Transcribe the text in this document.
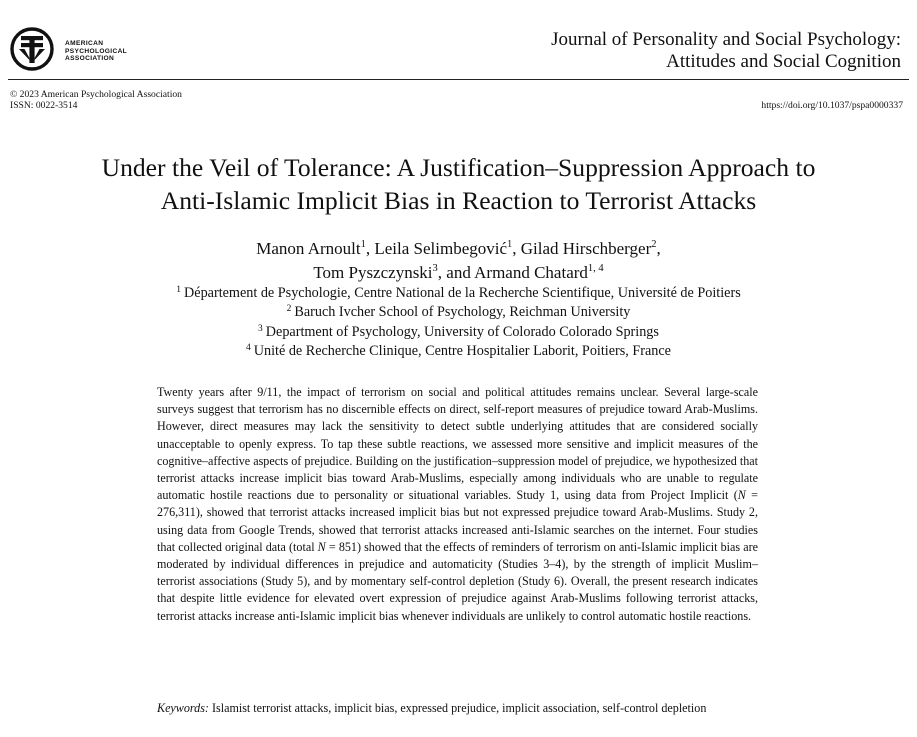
AMERICAN
PSYCHOLOGICAL
ASSOCIATION
Journal of Personality and Social Psychology:
Attitudes and Social Cognition
© 2023 American Psychological Association
ISSN: 0022-3514	https://doi.org/10.1037/pspa0000337
Under the Veil of Tolerance: A Justification–Suppression Approach to
Anti-Islamic Implicit Bias in Reaction to Terrorist Attacks
Manon Arnoult$^1$, Leila Selimbegović$^1$, Gilad Hirschberger$^2$,
Tom Pyszczynski$^3$, and Armand Chatard$^{1, 4}$
$^1$ Département de Psychologie, Centre National de la Recherche Scientifique, Université de Poitiers
$^2$ Baruch Ivcher School of Psychology, Reichman University
$^3$ Department of Psychology, University of Colorado Colorado Springs
$^4$ Unité de Recherche Clinique, Centre Hospitalier Laborit, Poitiers, France

Twenty years after 9/11, the impact of terrorism on social and political attitudes remains unclear. Several large-scale surveys suggest that terrorism has no discernible effects on direct, self-report measures of prejudice toward Arab-Muslims. However, direct measures may lack the sensitivity to detect subtle underlying attitudes that are considered socially unacceptable to openly express. To tap these subtle reactions, we assessed more sensitive and implicit measures of the cognitive–affective aspects of prejudice. Building on the justification–suppression model of prejudice, we hypothesized that terrorist attacks increase implicit bias toward Arab-Muslims, especially among individuals who are unable to regulate automatic hostile reactions due to personality or situational variables. Study 1, using data from Project Implicit (N = 276,311), showed that terrorist attacks increased implicit bias but not expressed prejudice toward Arab-Muslims. Study 2, using data from Google Trends, showed that terrorist attacks increased anti-Islamic searches on the internet. Four studies that collected original data (total N = 851) showed that the effects of reminders of terrorism on anti-Islamic implicit bias are moderated by individual differences in prejudice and automaticity (Studies 3–4), by the strength of implicit Muslim–terrorist associations (Study 5), and by momentary self-control depletion (Study 6). Overall, the present research indicates that despite little evidence for elevated overt expression of prejudice against Arab-Muslims following terrorist attacks, terrorist attacks increase anti-Islamic implicit bias whenever individuals are unlikely to control automatic hostile reactions.

Keywords: Islamist terrorist attacks, implicit bias, expressed prejudice, implicit association, self-control depletion
